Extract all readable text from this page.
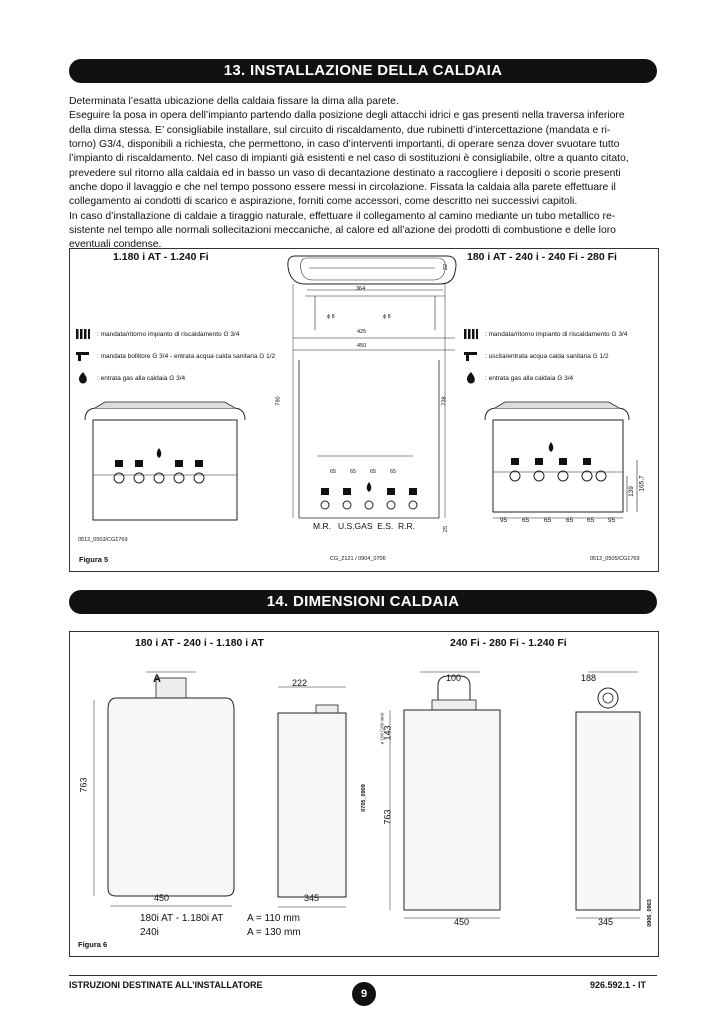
13. INSTALLAZIONE DELLA CALDAIA
Determinata l’esatta ubicazione della caldaia fissare la dima alla parete.
Eseguire la posa in opera dell’impianto partendo dalla posizione degli attacchi idrici e gas presenti nella traversa inferiore
della dima stessa. E’ consigliabile installare, sul circuito di riscaldamento, due rubinetti d’intercettazione (mandata e ri-
torno) G3/4, disponibili a richiesta, che permettono, in caso d’interventi importanti, di operare senza dover svuotare tutto
l’impianto di riscaldamento. Nel caso di impianti già esistenti e nel caso di sostituzioni è consigliabile, oltre a quanto citato,
prevedere sul ritorno alla caldaia ed in basso un vaso di decantazione destinato a raccogliere i depositi o scorie presenti
anche dopo il lavaggio e che nel tempo possono essere messi in circolazione. Fissata la caldaia alla parete effettuare il
collegamento ai condotti di scarico e aspirazione, forniti come accessori, come descritto nei successivi capitoli.
In caso d’installazione di caldaie a tiraggio naturale, effettuare il collegamento al camino mediante un tubo metallico re-
sistente nel tempo alle normali sollecitazioni meccaniche, al calore ed all’azione dei prodotti di combustione e delle loro
eventuali condense.
1.180 i AT - 1.240 Fi	180 i AT - 240 i - 240 Fi - 280 Fi
: mandata/ritorno impianto di riscaldamento G 3/4
: mandata bollitore G 3/4 - entrata acqua calda sanitaria G 1/2
: entrata gas alla caldaia G 3/4
: mandata/ritorno impianto di riscaldamento G 3/4
: uscita/entrata acqua calda sanitaria G 1/2
: entrata gas alla caldaia G 3/4
139 165,7
95 65 65 65 65 95
364
ϕ 8	ϕ 8
425
450
780	738
22
25
65	65	65	65
M.R.   U.S.GAS  E.S.  R.R.
0512_0503/CG1769
CG_2121 / 0904_0706	0512_0505/CG1769
Figura 5
14. DIMENSIONI CALDAIA
180 i AT - 240 i - 1.180 i AT	240 Fi - 280 Fi - 1.240 Fi
A
763
450
222
345
0705_0909
180i AT - 1.180i AT
240i
A = 110 mm
A = 130 mm
Figura 6
100
143
ø 100 (180 mm)
763
450
188
345	0906_0903
ISTRUZIONI DESTINATE ALL’INSTALLATORE	926.592.1 - IT
9
